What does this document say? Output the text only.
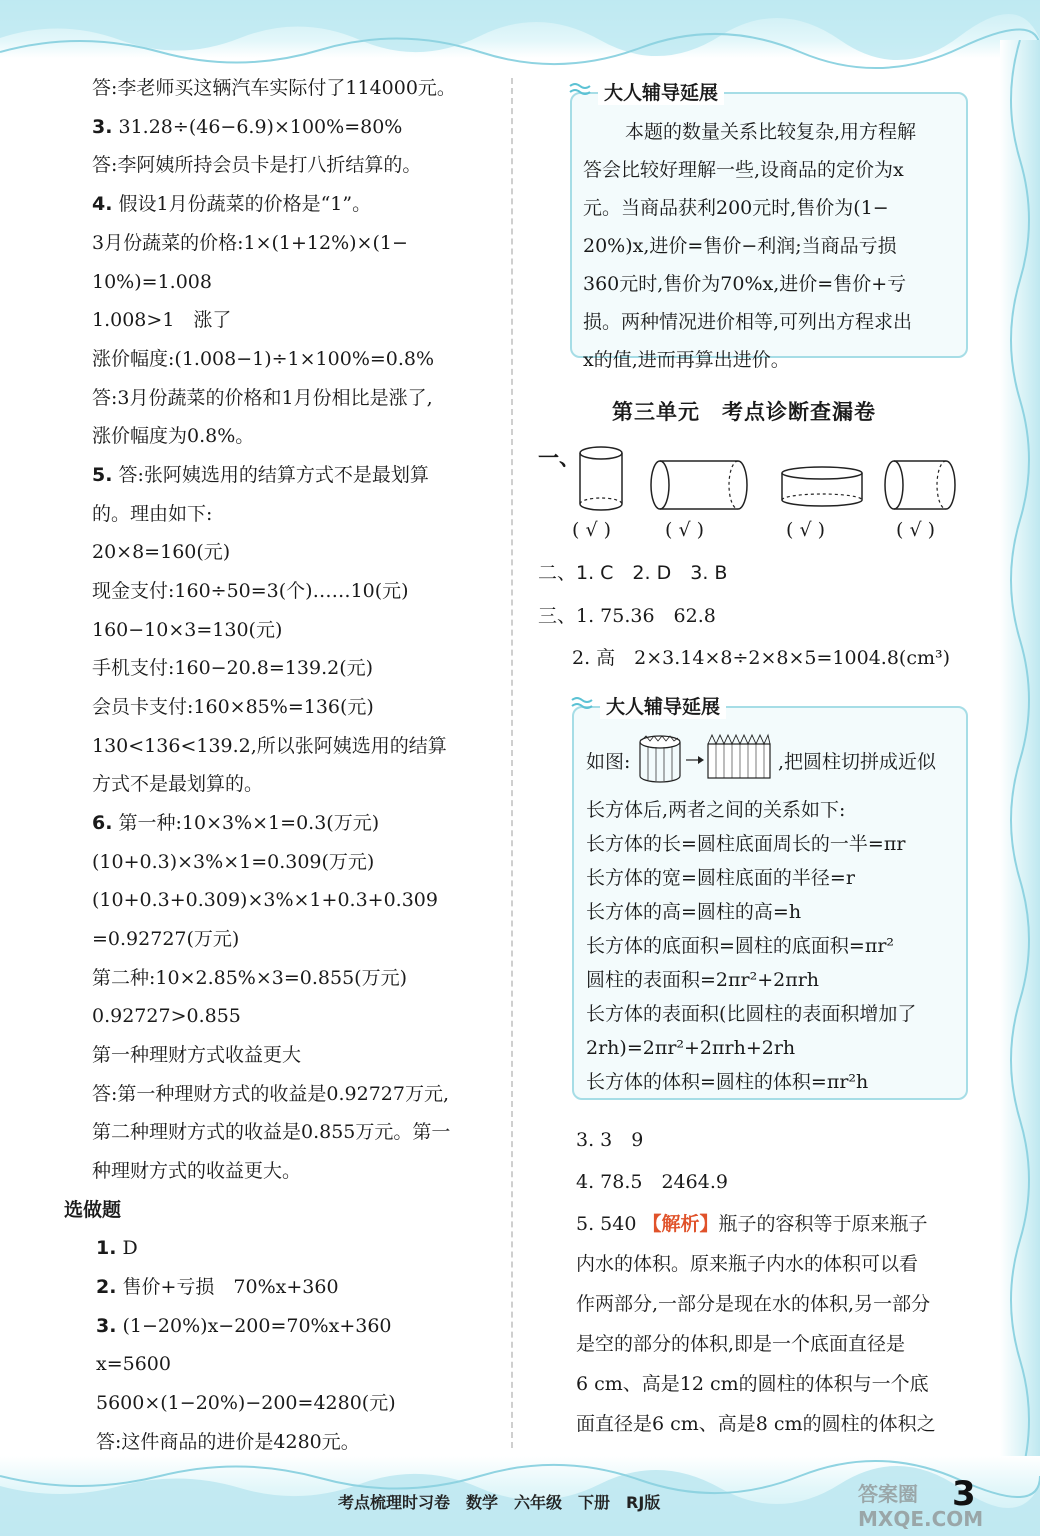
答:李老师买这辆汽车实际付了114000元。
3. 31.28÷(46−6.9)×100%=80%
答:李阿姨所持会员卡是打八折结算的。
4. 假设1月份蔬菜的价格是“1”。
3月份蔬菜的价格:1×(1+12%)×(1−
10%)=1.008
1.008>1　涨了
涨价幅度:(1.008−1)÷1×100%=0.8%
答:3月份蔬菜的价格和1月份相比是涨了,
涨价幅度为0.8%。
5. 答:张阿姨选用的结算方式不是最划算
的。理由如下:
20×8=160(元)
现金支付:160÷50=3(个)……10(元)
160−10×3=130(元)
手机支付:160−20.8=139.2(元)
会员卡支付:160×85%=136(元)
130<136<139.2,所以张阿姨选用的结算
方式不是最划算的。
6. 第一种:10×3%×1=0.3(万元)
(10+0.3)×3%×1=0.309(万元)
(10+0.3+0.309)×3%×1+0.3+0.309
=0.92727(万元)
第二种:10×2.85%×3=0.855(万元)
0.92727>0.855
第一种理财方式收益更大
答:第一种理财方式的收益是0.92727万元,
第二种理财方式的收益是0.855万元。第一
种理财方式的收益更大。
选做题
1. D
2. 售价+亏损　70%x+360
3. (1−20%)x−200=70%x+360
x=5600
5600×(1−20%)−200=4280(元)
答:这件商品的进价是4280元。
大人辅导延展
本题的数量关系比较复杂,用方程解
答会比较好理解一些,设商品的定价为x
元。当商品获利200元时,售价为(1−
20%)x,进价=售价−利润;当商品亏损
360元时,售价为70%x,进价=售价+亏
损。两种情况进价相等,可列出方程求出
x的值,进而再算出进价。
第三单元　考点诊断查漏卷
一、
( √ )	( √ )	( √ )	( √ )
二、1. C　2. D　3. B
三、1. 75.36　62.8
2. 高　2×3.14×8÷2×8×5=1004.8(cm³)
大人辅导延展
如图:	,把圆柱切拼成近似
长方体后,两者之间的关系如下:
长方体的长=圆柱底面周长的一半=πr
长方体的宽=圆柱底面的半径=r
长方体的高=圆柱的高=h
长方体的底面积=圆柱的底面积=πr²
圆柱的表面积=2πr²+2πrh
长方体的表面积(比圆柱的表面积增加了
2rh)=2πr²+2πrh+2rh
长方体的体积=圆柱的体积=πr²h
3. 3　9
4. 78.5　2464.9
5. 540 【解析】瓶子的容积等于原来瓶子
内水的体积。原来瓶子内水的体积可以看
作两部分,一部分是现在水的体积,另一部分
是空的部分的体积,即是一个底面直径是
6 cm、高是12 cm的圆柱的体积与一个底
面直径是6 cm、高是8 cm的圆柱的体积之
考点梳理时习卷　数学　六年级　下册　RJ版	答案圈 MXQE.COM
3
